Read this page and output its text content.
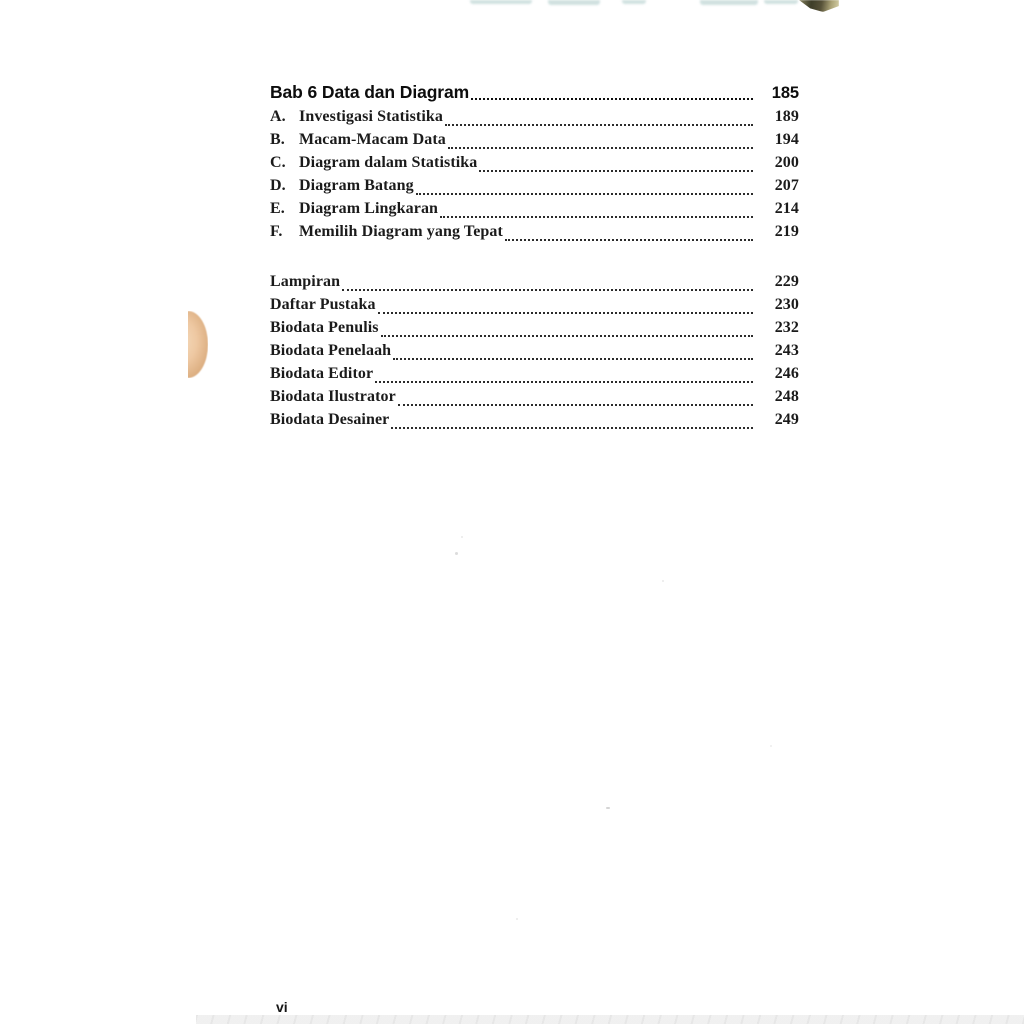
Bab 6 Data dan Diagram	185
A. Investigasi Statistika	189
B. Macam-Macam Data	194
C. Diagram dalam Statistika	200
D. Diagram Batang	207
E. Diagram Lingkaran	214
F.	Memilih Diagram yang Tepat	219
Lampiran	229
Daftar Pustaka	230
Biodata Penulis	232
Biodata Penelaah	243
Biodata Editor	246
Biodata Ilustrator	248
Biodata Desainer	249
vi
